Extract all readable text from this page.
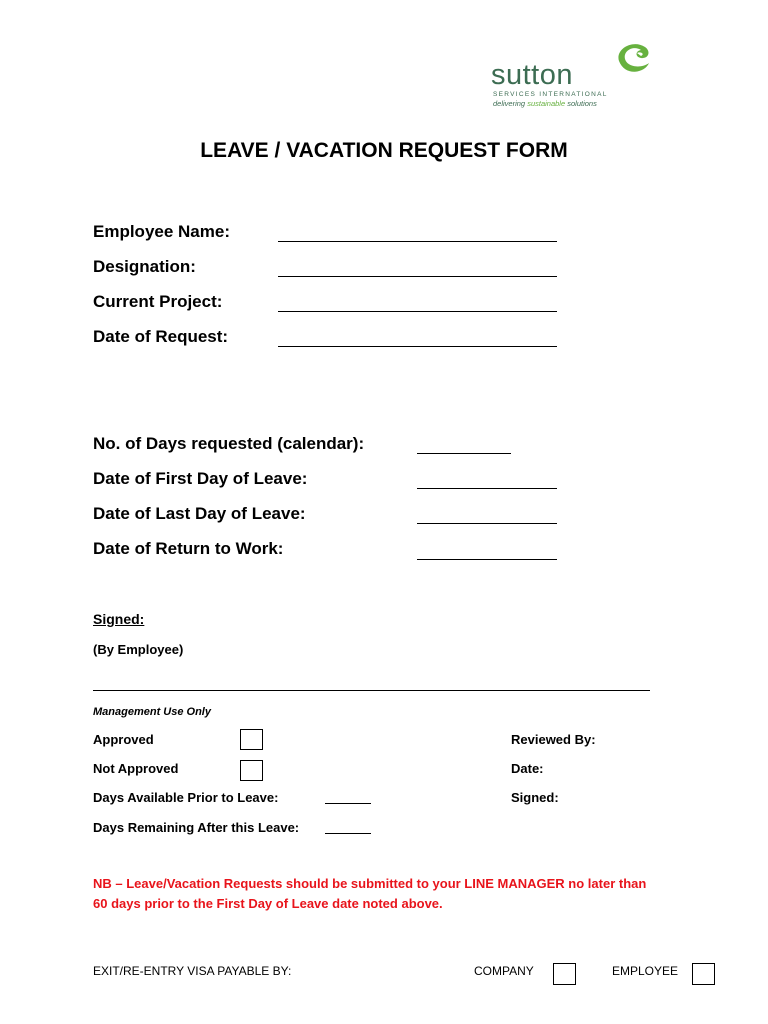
sutton
SERVICES INTERNATIONAL
delivering sustainable solutions
LEAVE / VACATION REQUEST FORM
Employee Name:
Designation:
Current Project:
Date of Request:
No. of Days requested (calendar):
Date of First Day of Leave:
Date of Last Day of Leave:
Date of Return to Work:
Signed:
(By Employee)
Management Use Only
Approved
Not Approved
Days Available Prior to Leave:
Days Remaining After this Leave:
Reviewed By:
Date:
Signed:
NB – Leave/Vacation Requests should be submitted to your LINE MANAGER no later than
60 days prior to the First Day of Leave date noted above.
EXIT/RE-ENTRY VISA PAYABLE BY:	COMPANY	EMPLOYEE
